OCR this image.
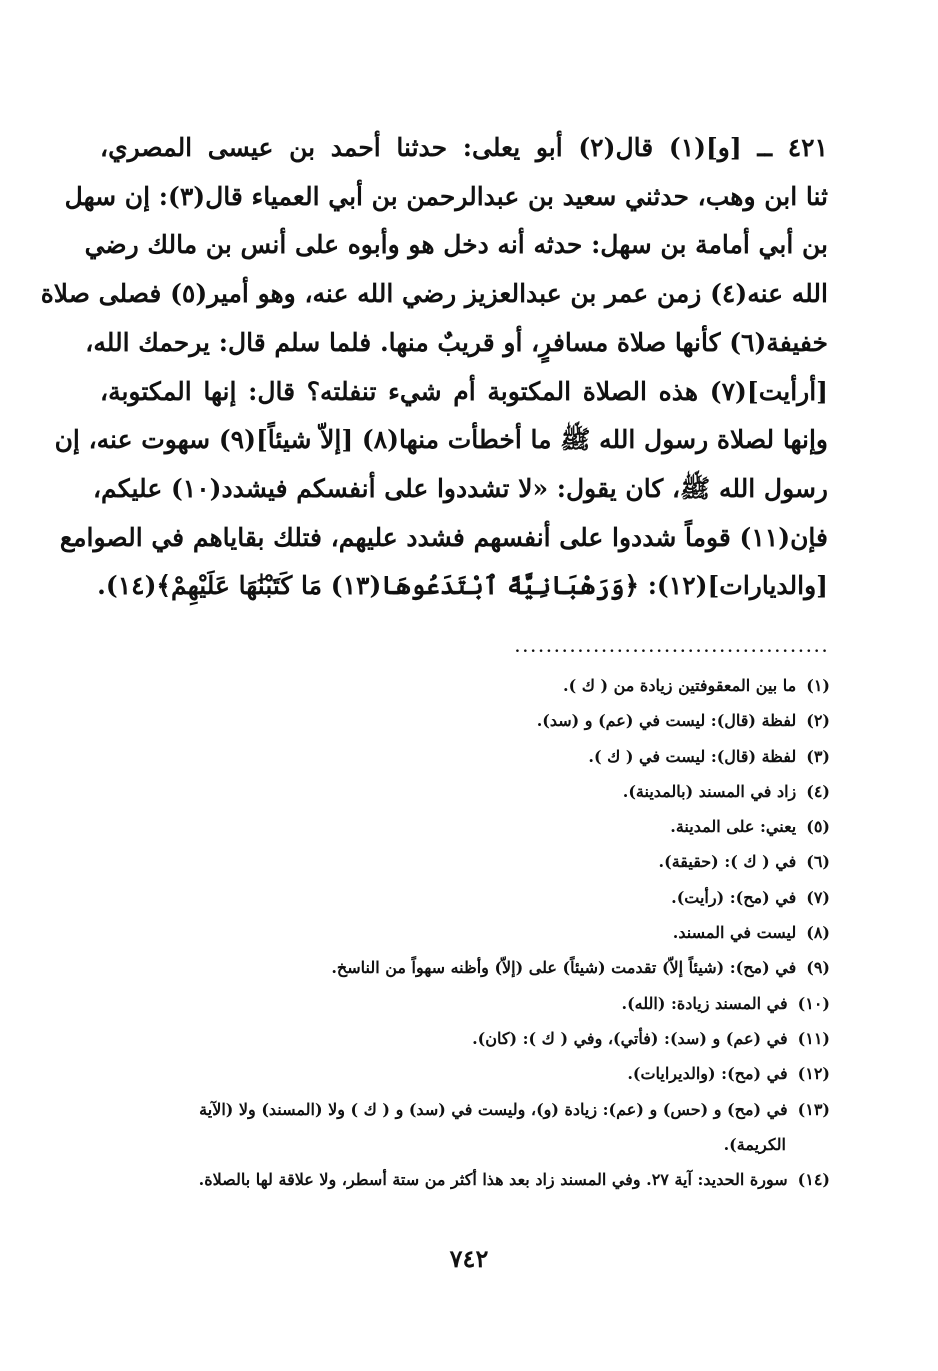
٤٢١ ــ [و](١) قال(٢) أبو يعلى: حدثنا أحمد بن عيسى المصري،
ثنا ابن وهب، حدثني سعيد بن عبدالرحمن بن أبي العمياء قال(٣): إن سهل
بن أبي أمامة بن سهل: حدثه أنه دخل هو وأبوه على أنس بن مالك رضي
الله عنه(٤) زمن عمر بن عبدالعزيز رضي الله عنه، وهو أمير(٥) فصلى صلاة
خفيفة(٦) كأنها صلاة مسافرٍ، أو قريبٌ منها. فلما سلم قال: يرحمك الله،
[أرأيت](٧) هذه الصلاة المكتوبة أم شيء تنفلته؟ قال: إنها المكتوبة،
وإنها لصلاة رسول الله ﷺ ما أخطأت منها(٨) [إلاّ شيئاً](٩) سهوت عنه، إن
رسول الله ﷺ، كان يقول: «لا تشددوا على أنفسكم فيشدد(١٠) عليكم،
فإن(١١) قوماً شددوا على أنفسهم فشدد عليهم، فتلك بقاياهم في الصوامع
[والديارات](١٢): ﴿وَرَهْبَانِيَّةً ٱبْتَدَعُوهَا(١٣) مَا كَتَبْنَٰهَا عَلَيْهِمْ﴾(١٤).

........................................
(١)ما بين المعقوفتين زيادة من ( ك ).
(٢)لفظة (قال): ليست في (عم) و (سد).
(٣)لفظة (قال): ليست في ( ك ).
(٤)زاد في المسند (بالمدينة).
(٥)يعني: على المدينة.
(٦)في ( ك ): (حقيقة).
(٧)في (مح): (رأيت).
(٨)ليست في المسند.
(٩)في (مح): (شيئاً إلاّ) تقدمت (شيئاً) على (إلاّ) وأظنه سهواً من الناسخ.
(١٠)في المسند زيادة: (الله).
(١١)في (عم) و (سد): (فأتي)، وفي ( ك ): (كان).
(١٢)في (مح): (والديرايات).
(١٣)في (مح) و (حس) و (عم): زيادة (و)، وليست في (سد) و ( ك ) ولا (المسند) ولا (الآية
الكريمة).
(١٤)سورة الحديد: آية ٢٧. وفي المسند زاد بعد هذا أكثر من ستة أسطر، ولا علاقة لها بالصلاة.
٧٤٢
